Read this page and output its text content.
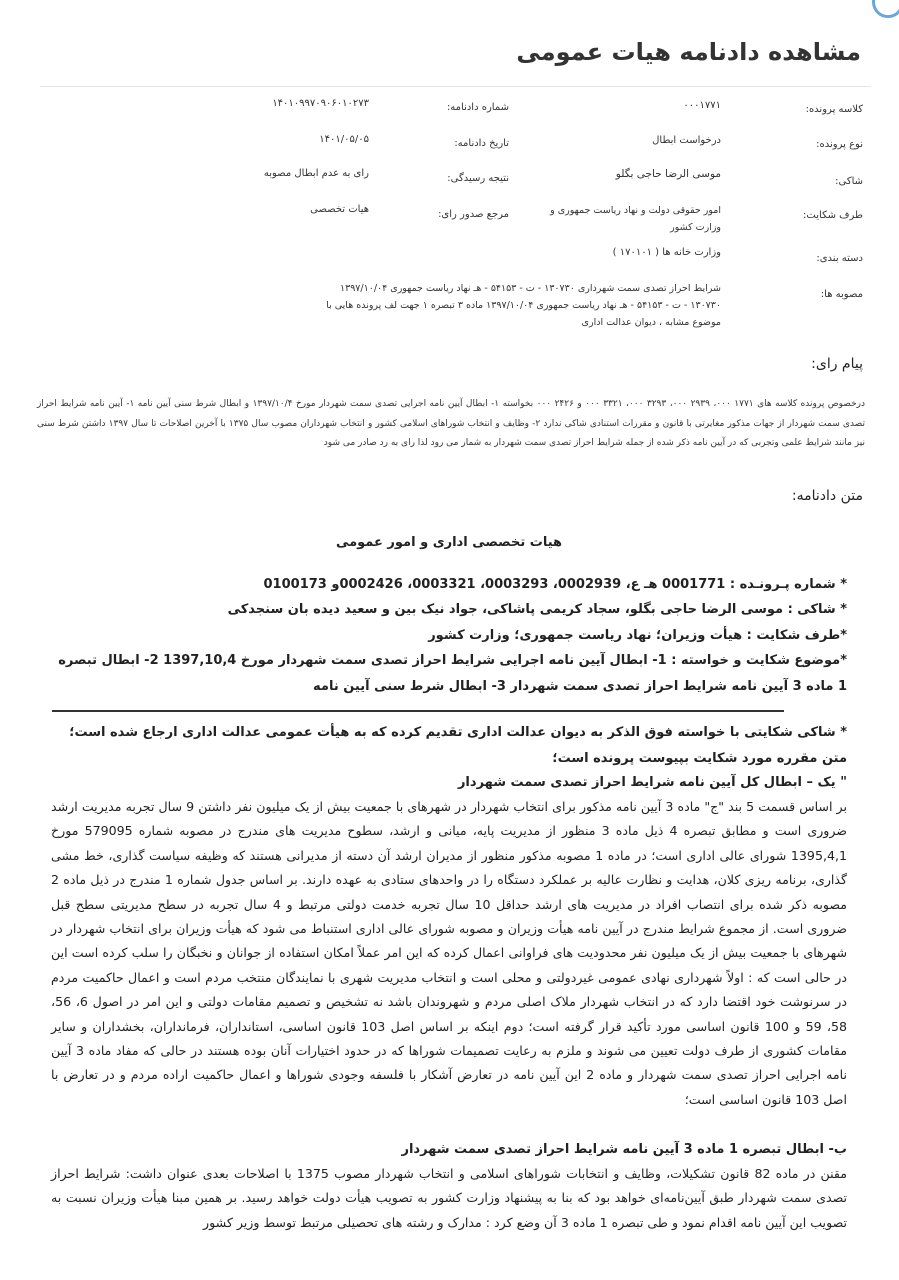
مشاهده دادنامه هیات عمومی
کلاسه پرونده:
۰۰۰۱۷۷۱
نوع پرونده:
درخواست ابطال
شاکی:
موسی الرضا حاجی بگلو
طرف شکایت:
امور حقوقی دولت و نهاد ریاست جمهوری و وزارت کشور
دسته بندی:
وزارت خانه ها ( ۱۷۰۱۰۱ )
مصوبه ها:
شرایط احراز تصدی سمت شهرداری ۱۳۰۷۳۰ - ت - ۵۴۱۵۳ - هـ نهاد ریاست جمهوری ۱۳۹۷/۱۰/۰۴ ۱۳۰۷۳۰ - ت - ۵۴۱۵۳ - هـ نهاد ریاست جمهوری ۱۳۹۷/۱۰/۰۴ ماده ۳ تبصره ۱ جهت لف پرونده هایی با موضوع مشابه ، دیوان عدالت اداری
شماره دادنامه:
۱۴۰۱۰۹۹۷۰۹۰۶۰۱۰۲۷۳
تاریخ دادنامه:
۱۴۰۱/۰۵/۰۵
نتیجه رسیدگی:
رای به عدم ابطال مصوبه
مرجع صدور رای:
هیات تخصصی
پیام رای:
درخصوص پرونده کلاسه های ۱۷۷۱ ۰۰۰، ۲۹۳۹ ۰۰۰، ۳۲۹۳ ۰۰۰، ۳۳۲۱ ۰۰۰ و ۲۴۲۶ ۰۰۰ بخواسته ۱- ابطال آیین نامه اجرایی تصدی سمت شهردار مورخ ۱۳۹۷/۱۰/۴ و ابطال شرط سنی آیین نامه ۱- آیین نامه شرایط احراز تصدی سمت شهردار از جهات مذکور مغایرتی با قانون و مقررات استنادی شاکی ندارد ۲- وظایف و انتخاب شوراهای اسلامی کشور و انتخاب شهرداران مصوب سال ۱۳۷۵ با آخرین اصلاحات تا سال ۱۳۹۷ داشتن شرط سنی نیز مانند شرایط علمی وتجربی که در آیین نامه ذکر شده از جمله شرایط احراز تصدی سمت شهردار به شمار می رود لذا رای به رد صادر می شود
متن دادنامه:
هیات تخصصی اداری و امور عمومی
* شماره پـرونـده : 0001771 هـ ع، 0002939، 0003293، 0003321، 0002426و 0100173
* شاکی : موسی الرضا حاجی بگلو، سجاد کریمی پاشاکی، جواد نیک بین و سعید دیده بان سنجدکی
*طرف شکایت : هیأت وزیران؛ نهاد ریاست جمهوری؛ وزارت کشور
*موضوع شکایت و خواسته : 1- ابطال آیین نامه اجرایی شرایط احراز تصدی سمت شهردار مورخ 1397,10,4 2- ابطال تبصره 1 ماده 3 آیین نامه شرایط احراز تصدی سمت شهردار 3- ابطال شرط سنی آیین نامه
* شاکی شکایتی با خواسته فوق الذکر به دیوان عدالت اداری تقدیم کرده که به هیأت عمومی عدالت اداری ارجاع شده است؛ متن مقرره مورد شکایت بپیوست پرونده است؛
" یک – ابطال کل آیین نامه شرایط احراز تصدی سمت شهردار
بر اساس قسمت 5 بند "ج" ماده 3 آیین نامه مذکور برای انتخاب شهردار در شهرهای با جمعیت بیش از یک میلیون نفر داشتن 9 سال تجربه مدیریت ارشد ضروری است و مطابق تبصره 4 ذیل ماده 3 منظور از مدیریت پایه، میانی و ارشد، سطوح مدیریت های مندرج در مصوبه شماره 579095 مورخ 1395,4,1 شورای عالی اداری است؛ در ماده 1 مصوبه مذکور منظور از مدیران ارشد آن دسته از مدیرانی هستند که وظیفه سیاست گذاری، خط مشی گذاری، برنامه ریزی کلان، هدایت و نظارت عالیه بر عملکرد دستگاه را در واحدهای ستادی به عهده دارند. بر اساس جدول شماره 1 مندرج در ذیل ماده 2 مصوبه ذکر شده برای انتصاب افراد در مدیریت های ارشد حداقل 10 سال تجربه خدمت دولتی مرتبط و 4 سال تجربه در سطح مدیریتی سطح قبل ضروری است. از مجموع شرایط مندرج در آیین نامه هیأت وزیران و مصوبه شورای عالی اداری استنباط می شود که هیأت وزیران برای انتخاب شهردار در شهرهای با جمعیت بیش از یک میلیون نفر محدودیت های فراوانی اعمال کرده که این امر عملاً امکان استفاده از جوانان و نخبگان را سلب کرده است این در حالی است که : اولاً شهرداری نهادی عمومی غیردولتی و محلی است و انتخاب مدیریت شهری با نمایندگان منتخب مردم است و اعمال حاکمیت مردم در سرنوشت خود اقتضا دارد که در انتخاب شهردار ملاک اصلی مردم و شهروندان باشد نه تشخیص و تصمیم مقامات دولتی و این امر در اصول 6، 56، 58، 59 و 100 قانون اساسی مورد تأکید قرار گرفته است؛ دوم اینکه بر اساس اصل 103 قانون اساسی، استانداران، فرمانداران، بخشداران و سایر مقامات کشوری از طرف دولت تعیین می شوند و ملزم به رعایت تصمیمات شوراها که در حدود اختیارات آنان بوده هستند در حالی که مفاد ماده 3 آیین نامه اجرایی احراز تصدی سمت شهردار و ماده 2 این آیین نامه در تعارض آشکار با فلسفه وجودی شوراها و اعمال حاکمیت اراده مردم و در تعارض با اصل 103 قانون اساسی است؛
ب- ابطال تبصره 1 ماده 3 آیین نامه شرایط احراز تصدی سمت شهردار
مقنن در ماده 82 قانون تشکیلات، وظایف و انتخابات شوراهای اسلامی و انتخاب شهردار مصوب 1375 با اصلاحات بعدی عنوان داشت: شرایط احراز تصدی سمت شهردار طبق آیین‌نامه‌ای خواهد بود که بنا به پیشنهاد وزارت کشور به تصویب هیأت دولت خواهد رسید. بر همین مبنا هیأت وزیران نسبت به تصویب این آیین نامه اقدام نمود و طی تبصره 1 ماده 3 آن وضع کرد : مدارک و رشته های تحصیلی مرتبط توسط وزیر کشور
